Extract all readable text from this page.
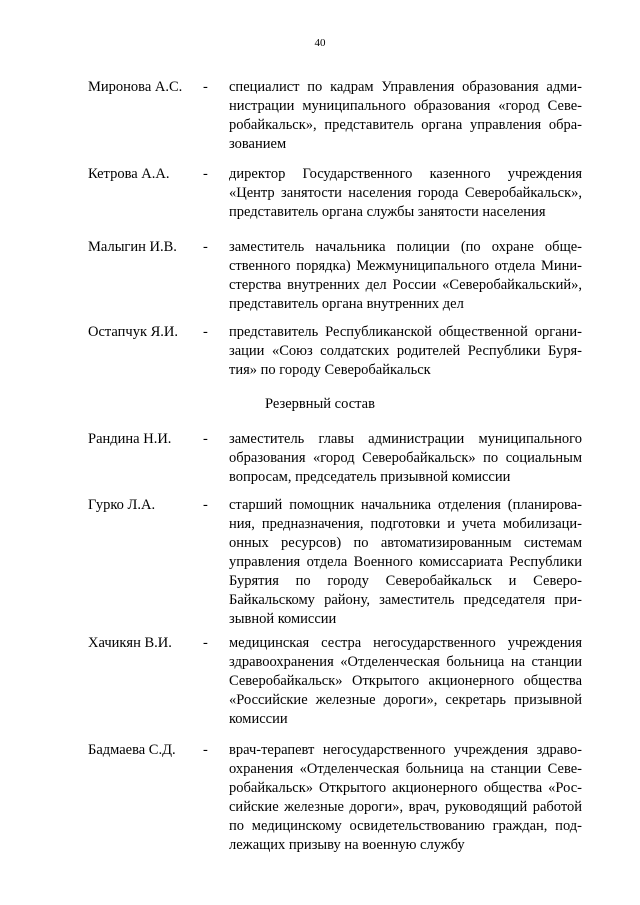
40
Миронова А.С. - специалист по кадрам Управления образования адми-
нистрации муниципального образования «город Севе-
робайкальск», представитель органа управления обра-
зованием
Кетрова А.А. - директор Государственного казенного учреждения
«Центр занятости населения города Северобайкальск»,
представитель органа службы занятости населения
Малыгин И.В. - заместитель начальника полиции (по охране обще-
ственного порядка) Межмуниципального отдела Мини-
стерства внутренних дел России «Северобайкальский»,
представитель органа внутренних дел
Остапчук Я.И. - представитель Республиканской общественной органи-
зации «Союз солдатских родителей Республики Буря-
тия» по городу Северобайкальск
Резервный состав
Рандина Н.И. - заместитель главы администрации муниципального
образования «город Северобайкальск» по социальным
вопросам, председатель призывной комиссии
Гурко Л.А.	- старший помощник начальника отделения (планирова-
ния, предназначения, подготовки и учета мобилизаци-
онных ресурсов) по автоматизированным системам
управления отдела Военного комиссариата Республики
Бурятия по городу Северобайкальск и Северо-
Байкальскому району, заместитель председателя при-
зывной комиссии
Хачикян В.И. - медицинская сестра негосударственного учреждения
здравоохранения «Отделенческая больница на станции
Северобайкальск» Открытого акционерного общества
«Российские железные дороги», секретарь призывной
комиссии
Бадмаева С.Д. - врач-терапевт негосударственного учреждения здраво-
охранения «Отделенческая больница на станции Севе-
робайкальск» Открытого акционерного общества «Рос-
сийские железные дороги», врач, руководящий работой
по медицинскому освидетельствованию граждан, под-
лежащих призыву на военную службу
